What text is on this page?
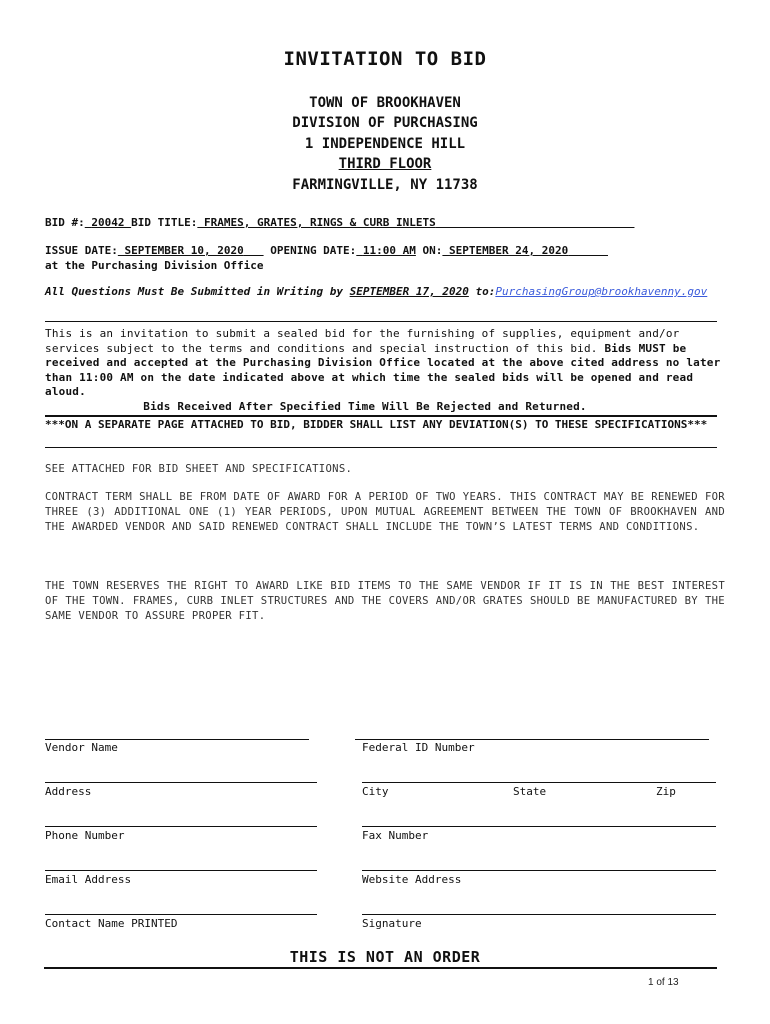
INVITATION TO BID
TOWN OF BROOKHAVEN
DIVISION OF PURCHASING
1 INDEPENDENCE HILL
THIRD FLOOR
FARMINGVILLE, NY 11738
BID #: 20042 BID TITLE: FRAMES, GRATES, RINGS & CURB INLETS
ISSUE DATE: SEPTEMBER 10, 2020 OPENING DATE: 11:00 AM ON: SEPTEMBER 24, 2020
at the Purchasing Division Office
All Questions Must Be Submitted in Writing by SEPTEMBER 17, 2020 to:PurchasingGroup@brookhavenny.gov

This is an invitation to submit a sealed bid for the furnishing of supplies, equipment and/or services subject to the terms and conditions and special instruction of this bid. Bids MUST be received and accepted at the Purchasing Division Office located at the above cited address no later than 11:00 AM on the date indicated above at which time the sealed bids will be opened and read aloud.

Bids Received After Specified Time Will Be Rejected and Returned.

***ON A SEPARATE PAGE ATTACHED TO BID, BIDDER SHALL LIST ANY DEVIATION(S) TO THESE SPECIFICATIONS***
SEE ATTACHED FOR BID SHEET AND SPECIFICATIONS.
CONTRACT TERM SHALL BE FROM DATE OF AWARD FOR A PERIOD OF TWO YEARS. THIS CONTRACT MAY BE RENEWED FOR THREE (3) ADDITIONAL ONE (1) YEAR PERIODS, UPON MUTUAL AGREEMENT BETWEEN THE TOWN OF BROOKHAVEN AND THE AWARDED VENDOR AND SAID RENEWED CONTRACT SHALL INCLUDE THE TOWN’S LATEST TERMS AND CONDITIONS.
THE TOWN RESERVES THE RIGHT TO AWARD LIKE BID ITEMS TO THE SAME VENDOR IF IT IS IN THE BEST INTEREST OF THE TOWN. FRAMES, CURB INLET STRUCTURES AND THE COVERS AND/OR GRATES SHOULD BE MANUFACTURED BY THE SAME VENDOR TO ASSURE PROPER FIT.
Vendor Name	Federal ID Number
Address	City	State	Zip
Phone Number	Fax Number
Email Address	Website Address
Contact Name PRINTED	Signature
THIS IS NOT AN ORDER
1 of 13
